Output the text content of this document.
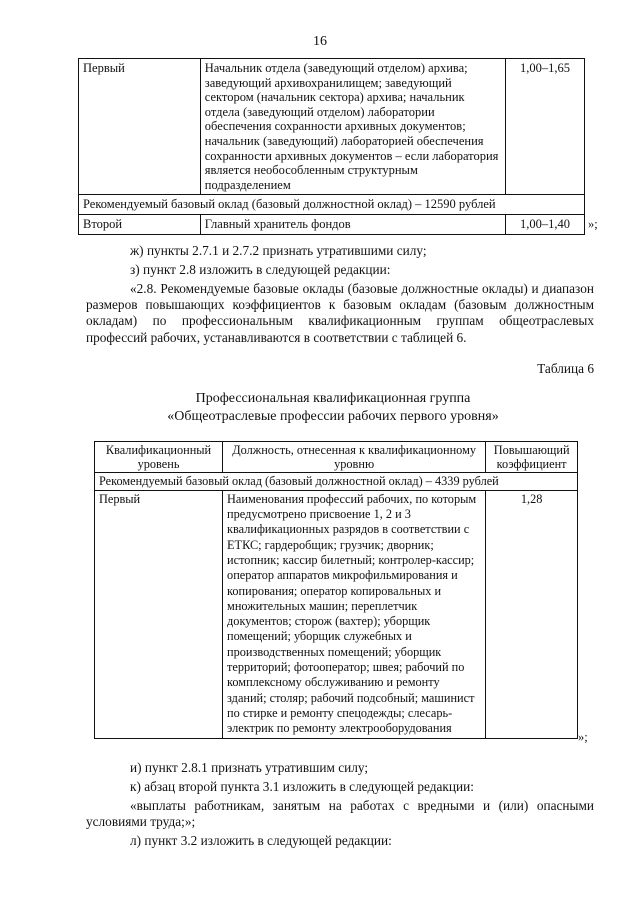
16
Первый	Начальник отдела (заведующий отделом) архива; заведующий архивохранилищем; заведующий сектором (начальник сектора) архива; начальник отдела (заведующий отделом) лаборатории обеспечения сохранности архивных документов; начальник (заведующий) лабораторией обеспечения сохранности архивных документов – если лаборатория является необособленным структурным подразделением	1,00–1,65
Рекомендуемый базовый оклад (базовый должностной оклад) – 12590 рублей		
Второй	Главный хранитель фондов	1,00–1,40 »;
ж) пункты 2.7.1 и 2.7.2 признать утратившими силу;
з) пункт 2.8 изложить в следующей редакции:
«2.8. Рекомендуемые базовые оклады (базовые должностные оклады) и диапазон размеров повышающих коэффициентов к базовым окладам (базовым должностным окладам) по профессиональным квалификационным группам общеотраслевых профессий рабочих, устанавливаются в соответствии с таблицей 6.
Таблица 6
Профессиональная квалификационная группа
«Общеотраслевые профессии рабочих первого уровня»
Квалификационный уровень	Должность, отнесенная к квалификационному уровню	Повышающий коэффициент
Рекомендуемый базовый оклад (базовый должностной оклад) – 4339 рублей		
Первый	Наименования профессий рабочих, по которым предусмотрено присвоение 1, 2 и 3 квалификационных разрядов в соответствии с ЕТКС; гардеробщик; грузчик; дворник; истопник; кассир билетный; контролер-кассир; оператор аппаратов микрофильмирования и копирования; оператор копировальных и множительных машин; переплетчик документов; сторож (вахтер); уборщик помещений; уборщик служебных и производственных помещений; уборщик территорий; фотооператор; швея; рабочий по комплексному обслуживанию и ремонту зданий; столяр; рабочий подсобный; машинист по стирке и ремонту спецодежды; слесарь-электрик по ремонту электрооборудования	1,28
»;
и) пункт 2.8.1 признать утратившим силу;
к) абзац второй пункта 3.1 изложить в следующей редакции:
«выплаты работникам, занятым на работах с вредными и (или) опасными условиями труда;»;
л) пункт 3.2 изложить в следующей редакции:
